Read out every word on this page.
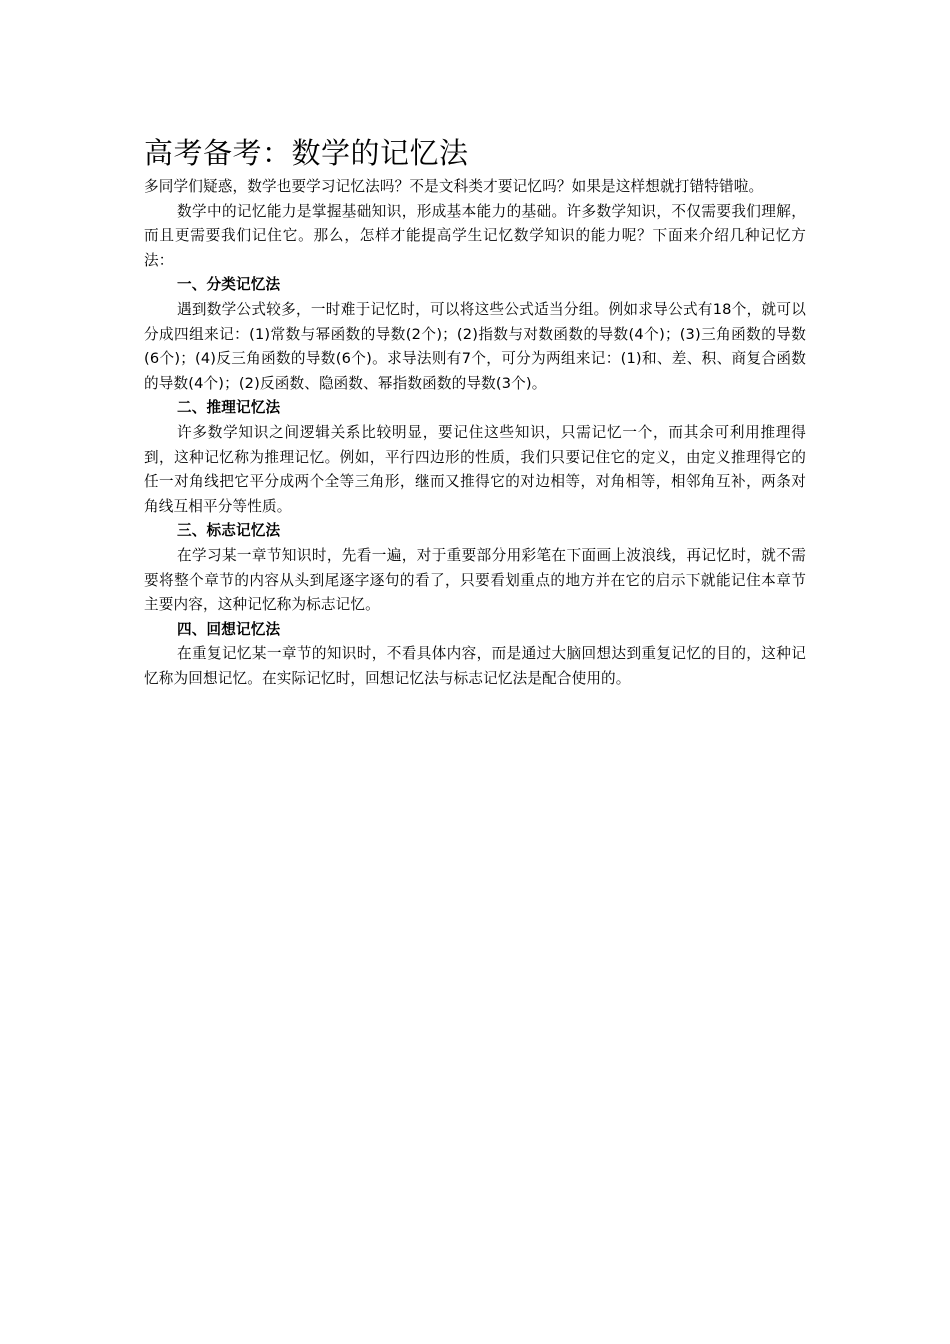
高考备考：数学的记忆法

多同学们疑惑，数学也要学习记忆法吗？不是文科类才要记忆吗？如果是这样想就打错特错啦。

数学中的记忆能力是掌握基础知识，形成基本能力的基础。许多数学知识，不仅需要我们理解，而且更需要我们记住它。那么，怎样才能提高学生记忆数学知识的能力呢？下面来介绍几种记忆方法：

一、分类记忆法

遇到数学公式较多，一时难于记忆时，可以将这些公式适当分组。例如求导公式有18个，就可以分成四组来记：(1)常数与幂函数的导数(2个)；(2)指数与对数函数的导数(4个)；(3)三角函数的导数(6个)；(4)反三角函数的导数(6个)。求导法则有7个，可分为两组来记：(1)和、差、积、商复合函数的导数(4个)；(2)反函数、隐函数、幂指数函数的导数(3个)。

二、推理记忆法

许多数学知识之间逻辑关系比较明显，要记住这些知识，只需记忆一个，而其余可利用推理得到，这种记忆称为推理记忆。例如，平行四边形的性质，我们只要记住它的定义，由定义推理得它的任一对角线把它平分成两个全等三角形，继而又推得它的对边相等，对角相等，相邻角互补，两条对角线互相平分等性质。

三、标志记忆法

在学习某一章节知识时，先看一遍，对于重要部分用彩笔在下面画上波浪线，再记忆时，就不需要将整个章节的内容从头到尾逐字逐句的看了，只要看划重点的地方并在它的启示下就能记住本章节主要内容，这种记忆称为标志记忆。

四、回想记忆法

在重复记忆某一章节的知识时，不看具体内容，而是通过大脑回想达到重复记忆的目的，这种记忆称为回想记忆。在实际记忆时，回想记忆法与标志记忆法是配合使用的。
